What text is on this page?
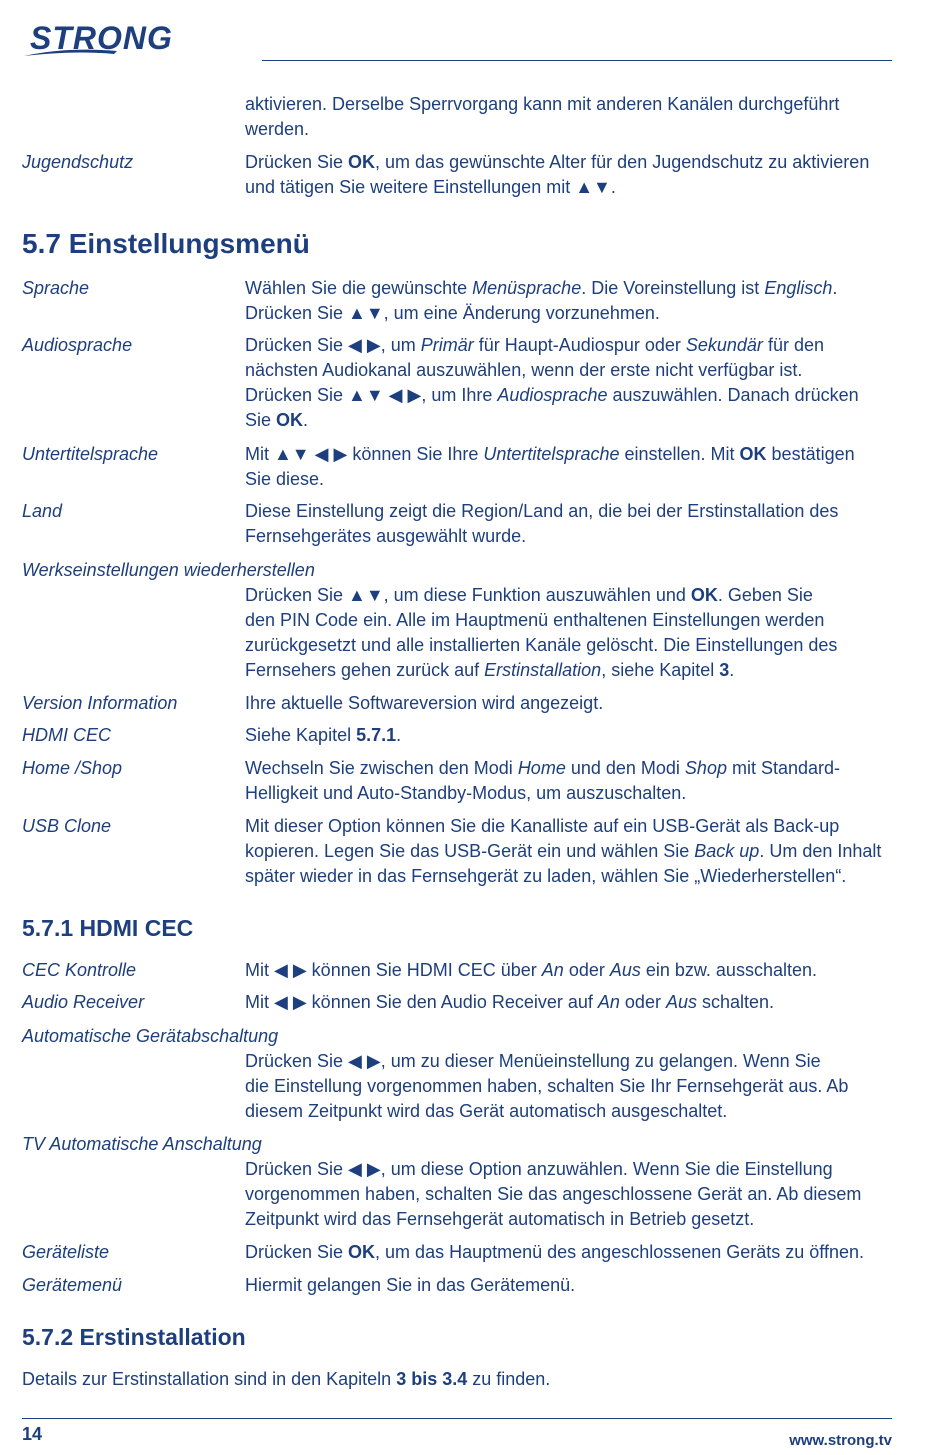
STRONG
aktivieren. Derselbe Sperrvorgang kann mit anderen Kanälen durchgeführt
werden.
Jugendschutz	Drücken Sie OK, um das gewünschte Alter für den Jugendschutz zu aktivieren
und tätigen Sie weitere Einstellungen mit ▲▼.
5.7 Einstellungsmenü
Sprache	Wählen Sie die gewünschte Menüsprache. Die Voreinstellung ist Englisch.
Drücken Sie ▲▼, um eine Änderung vorzunehmen.
Audiosprache	Drücken Sie ◀ ▶, um Primär für Haupt-Audiospur oder Sekundär für den
nächsten Audiokanal auszuwählen, wenn der erste nicht verfügbar ist.
Drücken Sie ▲▼ ◀ ▶, um Ihre Audiosprache auszuwählen. Danach drücken
Sie OK.
Untertitelsprache	Mit ▲▼ ◀ ▶ können Sie Ihre Untertitelsprache einstellen. Mit OK bestätigen
Sie diese.
Land	Diese Einstellung zeigt die Region/Land an, die bei der Erstinstallation des
Fernsehgerätes ausgewählt wurde.
Werkseinstellungen wiederherstellen
Drücken Sie ▲▼, um diese Funktion auszuwählen und OK. Geben Sie
den PIN Code ein. Alle im Hauptmenü enthaltenen Einstellungen werden
zurückgesetzt und alle installierten Kanäle gelöscht. Die Einstellungen des
Fernsehers gehen zurück auf Erstinstallation, siehe Kapitel 3.
Version Information	Ihre aktuelle Softwareversion wird angezeigt.
HDMI CEC	Siehe Kapitel 5.7.1.
Home /Shop	Wechseln Sie zwischen den Modi Home und den Modi Shop mit Standard-
Helligkeit und Auto-Standby-Modus, um auszuschalten.
USB Clone	Mit dieser Option können Sie die Kanalliste auf ein USB-Gerät als Back-up
kopieren. Legen Sie das USB-Gerät ein und wählen Sie Back up. Um den Inhalt
später wieder in das Fernsehgerät zu laden, wählen Sie „Wiederherstellen“.
5.7.1 HDMI CEC
CEC Kontrolle	Mit ◀ ▶ können Sie HDMI CEC über An oder Aus ein bzw. ausschalten.
Audio Receiver	Mit ◀ ▶ können Sie den Audio Receiver auf An oder Aus schalten.
Automatische Gerätabschaltung
Drücken Sie ◀ ▶, um zu dieser Menüeinstellung zu gelangen. Wenn Sie
die Einstellung vorgenommen haben, schalten Sie Ihr Fernsehgerät aus. Ab
diesem Zeitpunkt wird das Gerät automatisch ausgeschaltet.
TV Automatische Anschaltung
Drücken Sie ◀ ▶, um diese Option anzuwählen. Wenn Sie die Einstellung
vorgenommen haben, schalten Sie das angeschlossene Gerät an. Ab diesem
Zeitpunkt wird das Fernsehgerät automatisch in Betrieb gesetzt.
Geräteliste	Drücken Sie OK, um das Hauptmenü des angeschlossenen Geräts zu öffnen.
Gerätemenü	Hiermit gelangen Sie in das Gerätemenü.
5.7.2 Erstinstallation
Details zur Erstinstallation sind in den Kapiteln 3 bis 3.4 zu finden.
14	www.strong.tv
